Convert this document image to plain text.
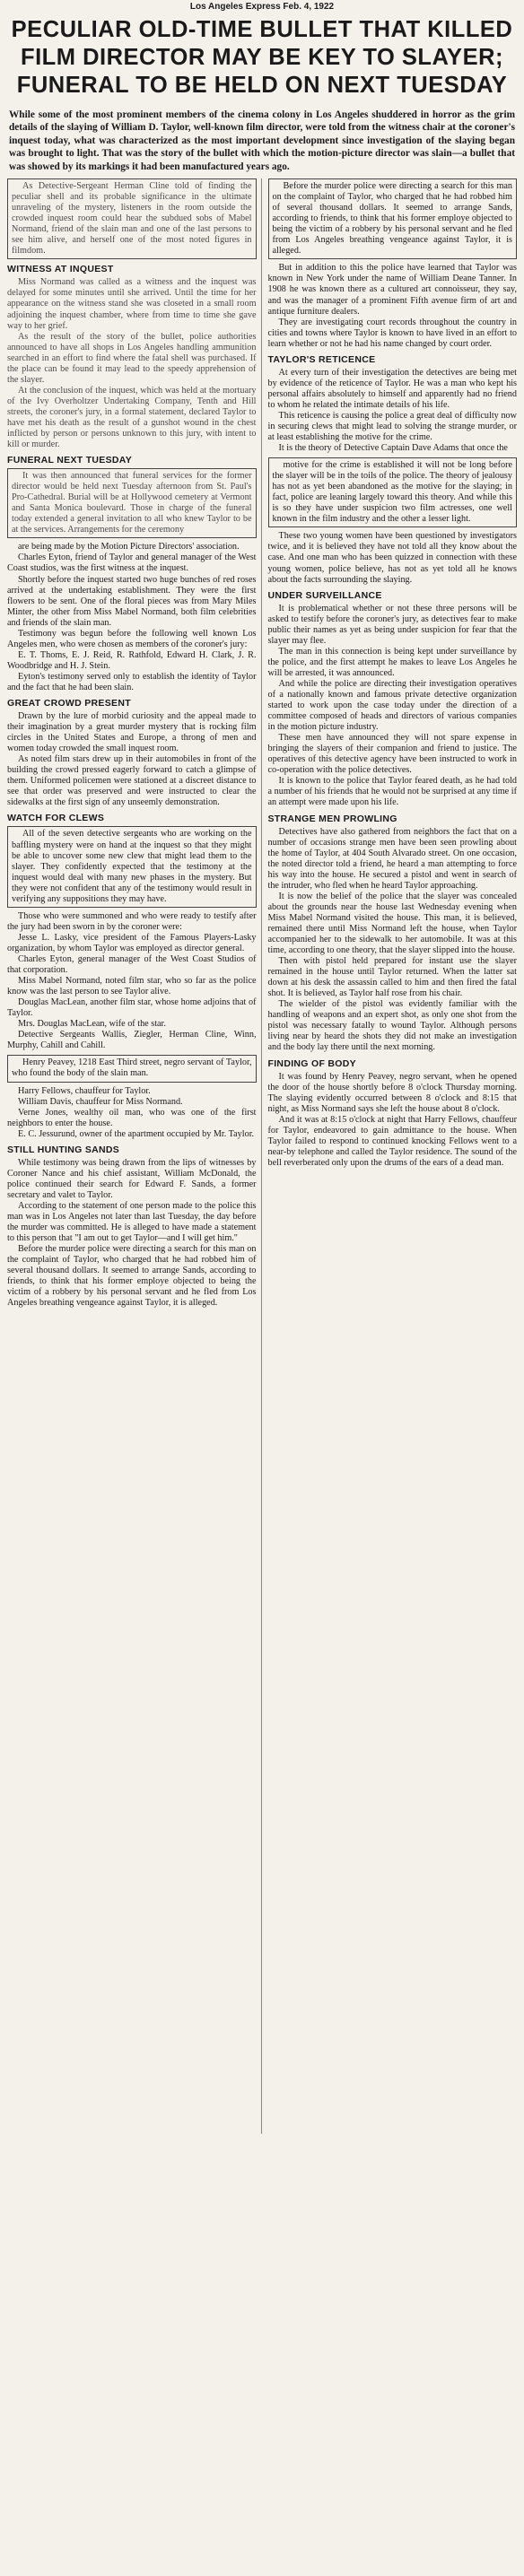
Los Angeles Express Feb. 4, 1922
PECULIAR OLD-TIME BULLET THAT KILLED
FILM DIRECTOR MAY BE KEY TO SLAYER;
FUNERAL TO BE HELD ON NEXT TUESDAY
While some of the most prominent members of the cinema colony in Los Angeles shuddered in horror as the grim details of the slaying of William D. Taylor, well-known film director, were told from the witness chair at the coroner's inquest today, what was characterized as the most important development since investigation of the slaying began was brought to light. That was the story of the bullet with which the motion-picture director was slain—a bullet that was showed by its markings it had been manufactured years ago.

As Detective-Sergeant Herman Cline told of finding the peculiar shell and its probable significance in the ultimate unraveling of the mystery, listeners in the room outside the crowded inquest room could hear the subdued sobs of Mabel Normand, friend of the slain man and one of the last persons to see him alive, and herself one of the most noted figures in filmdom.

WITNESS AT INQUEST

Miss Normand was called as a witness and the inquest was delayed for some minutes until she arrived. Until the time for her appearance on the witness stand she was closeted in a small room adjoining the inquest chamber, where from time to time she gave way to her grief.

As the result of the story of the bullet, police authorities announced to have all shops in Los Angeles handling ammunition searched in an effort to find where the fatal shell was purchased. If the place can be found it may lead to the speedy apprehension of the slayer.

At the conclusion of the inquest, which was held at the mortuary of the Ivy Overholtzer Undertaking Company, Tenth and Hill streets, the coroner's jury, in a formal statement, declared Taylor to have met his death as the result of a gunshot wound in the chest inflicted by person or persons unknown to this jury, with intent to kill or murder.

FUNERAL NEXT TUESDAY

It was then announced that funeral services for the former director would be held next Tuesday afternoon from St. Paul's Pro-Cathedral. Burial will be at Hollywood cemetery at Vermont and Santa Monica boulevard. Those in charge of the funeral today extended a general invitation to all who knew Taylor to be at the services. Arrangements for the ceremony

are being made by the Motion Picture Directors' association.

Charles Eyton, friend of Taylor and general manager of the West Coast studios, was the first witness at the inquest.

Shortly before the inquest started two huge bunches of red roses arrived at the undertaking establishment. They were the first flowers to be sent. One of the floral pieces was from Mary Miles Minter, the other from Miss Mabel Normand, both film celebrities and friends of the slain man.

Testimony was begun before the following well known Los Angeles men, who were chosen as members of the coroner's jury:

E. T. Thoms, E. J. Reid, R. Rathfold, Edward H. Clark, J. R. Woodbridge and H. J. Stein.

Eyton's testimony served only to establish the identity of Taylor and the fact that he had been slain.

GREAT CROWD PRESENT

Drawn by the lure of morbid curiosity and the appeal made to their imagination by a great murder mystery that is rocking film circles in the United States and Europe, a throng of men and women today crowded the small inquest room.

As noted film stars drew up in their automobiles in front of the building the crowd pressed eagerly forward to catch a glimpse of them. Uniformed policemen were stationed at a discreet distance to see that order was preserved and were instructed to clear the sidewalks at the first sign of any unseemly demonstration.

WATCH FOR CLEWS

All of the seven detective sergeants who are working on the baffling mystery were on hand at the inquest so that they might be able to uncover some new clew that might lead them to the slayer. They confidently expected that the testimony at the inquest would deal with many new phases in the mystery. But they were not confident that any of the testimony would result in verifying any suppositions they may have.

Those who were summoned and who were ready to testify after the jury had been sworn in by the coroner were:

Jesse L. Lasky, vice president of the Famous Players-Lasky organization, by whom Taylor was employed as director general.

Charles Eyton, general manager of the West Coast Studios of that corporation.

Miss Mabel Normand, noted film star, who so far as the police know was the last person to see Taylor alive.

Douglas MacLean, another film star, whose home adjoins that of Taylor.

Mrs. Douglas MacLean, wife of the star.

Detective Sergeants Wallis, Ziegler, Herman Cline, Winn, Murphy, Cahill and Cahill.

Henry Peavey, 1218 East Third street, negro servant of Taylor, who found the body of the slain man.

Harry Fellows, chauffeur for Taylor.

William Davis, chauffeur for Miss Normand.

Verne Jones, wealthy oil man, who was one of the first neighbors to enter the house.

E. C. Jessurund, owner of the apartment occupied by Mr. Taylor.

STILL HUNTING SANDS

While testimony was being drawn from the lips of witnesses by Coroner Nance and his chief assistant, William McDonald, the police continued their search for Edward F. Sands, a former secretary and valet to Taylor.

According to the statement of one person made to the police this man was in Los Angeles not later than last Tuesday, the day before the murder was committed. He is alleged to have made a statement to this person that "I am out to get Taylor—and I will get him."

Before the murder police were directing a search for this man on the complaint of Taylor, who charged that he had robbed him of several thousand dollars. It seemed to arrange Sands, according to friends, to think that his former employe objected to being the victim of a robbery by his personal servant and he fled from Los Angeles breathing vengeance against Taylor, it is alleged.

Before the murder police were directing a search for this man on the complaint of Taylor, who charged that he had robbed him of several thousand dollars. It seemed to arrange Sands, according to friends, to think that his former employe objected to being the victim of a robbery by his personal servant and he fled from Los Angeles breathing vengeance against Taylor, it is alleged.

But in addition to this the police have learned that Taylor was known in New York under the name of William Deane Tanner. In 1908 he was known there as a cultured art connoisseur, they say, and was the manager of a prominent Fifth avenue firm of art and antique furniture dealers.

They are investigating court records throughout the country in cities and towns where Taylor is known to have lived in an effort to learn whether or not he had his name changed by court order.

TAYLOR'S RETICENCE

At every turn of their investigation the detectives are being met by evidence of the reticence of Taylor. He was a man who kept his personal affairs absolutely to himself and apparently had no friend to whom he related the intimate details of his life.

This reticence is causing the police a great deal of difficulty now in securing clews that might lead to solving the strange murder, or at least establishing the motive for the crime.

It is the theory of Detective Captain Dave Adams that once the

motive for the crime is established it will not be long before the slayer will be in the toils of the police. The theory of jealousy has not as yet been abandoned as the motive for the slaying; in fact, police are leaning largely toward this theory. And while this is so they have under suspicion two film actresses, one well known in the film industry and the other a lesser light.

These two young women have been questioned by investigators twice, and it is believed they have not told all they know about the case. And one man who has been quizzed in connection with these young women, police believe, has not as yet told all he knows about the facts surrounding the slaying.

UNDER SURVEILLANCE

It is problematical whether or not these three persons will be asked to testify before the coroner's jury, as detectives fear to make public their names as yet as being under suspicion for fear that the slayer may flee.

The man in this connection is being kept under surveillance by the police, and the first attempt he makes to leave Los Angeles he will be arrested, it was announced.

And while the police are directing their investigation operatives of a nationally known and famous private detective organization started to work upon the case today under the direction of a committee composed of heads and directors of various companies in the motion picture industry.

These men have announced they will not spare expense in bringing the slayers of their companion and friend to justice. The operatives of this detective agency have been instructed to work in co-operation with the police detectives.

It is known to the police that Taylor feared death, as he had told a number of his friends that he would not be surprised at any time if an attempt were made upon his life.

STRANGE MEN PROWLING

Detectives have also gathered from neighbors the fact that on a number of occasions strange men have been seen prowling about the home of Taylor, at 404 South Alvarado street. On one occasion, the noted director told a friend, he heard a man attempting to force his way into the house. He secured a pistol and went in search of the intruder, who fled when he heard Taylor approaching.

It is now the belief of the police that the slayer was concealed about the grounds near the house last Wednesday evening when Miss Mabel Normand visited the house. This man, it is believed, remained there until Miss Normand left the house, when Taylor accompanied her to the sidewalk to her automobile. It was at this time, according to one theory, that the slayer slipped into the house.

Then with pistol held prepared for instant use the slayer remained in the house until Taylor returned. When the latter sat down at his desk the assassin called to him and then fired the fatal shot. It is believed, as Taylor half rose from his chair.

The wielder of the pistol was evidently familiar with the handling of weapons and an expert shot, as only one shot from the pistol was necessary fatally to wound Taylor. Although persons living near by heard the shots they did not make an investigation and the body lay there until the next morning.

FINDING OF BODY

It was found by Henry Peavey, negro servant, when he opened the door of the house shortly before 8 o'clock Thursday morning. The slaying evidently occurred between 8 o'clock and 8:15 that night, as Miss Normand says she left the house about 8 o'clock.

And it was at 8:15 o'clock at night that Harry Fellows, chauffeur for Taylor, endeavored to gain admittance to the house. When Taylor failed to respond to continued knocking Fellows went to a near-by telephone and called the Taylor residence. The sound of the bell reverberated only upon the drums of the ears of a dead man.
